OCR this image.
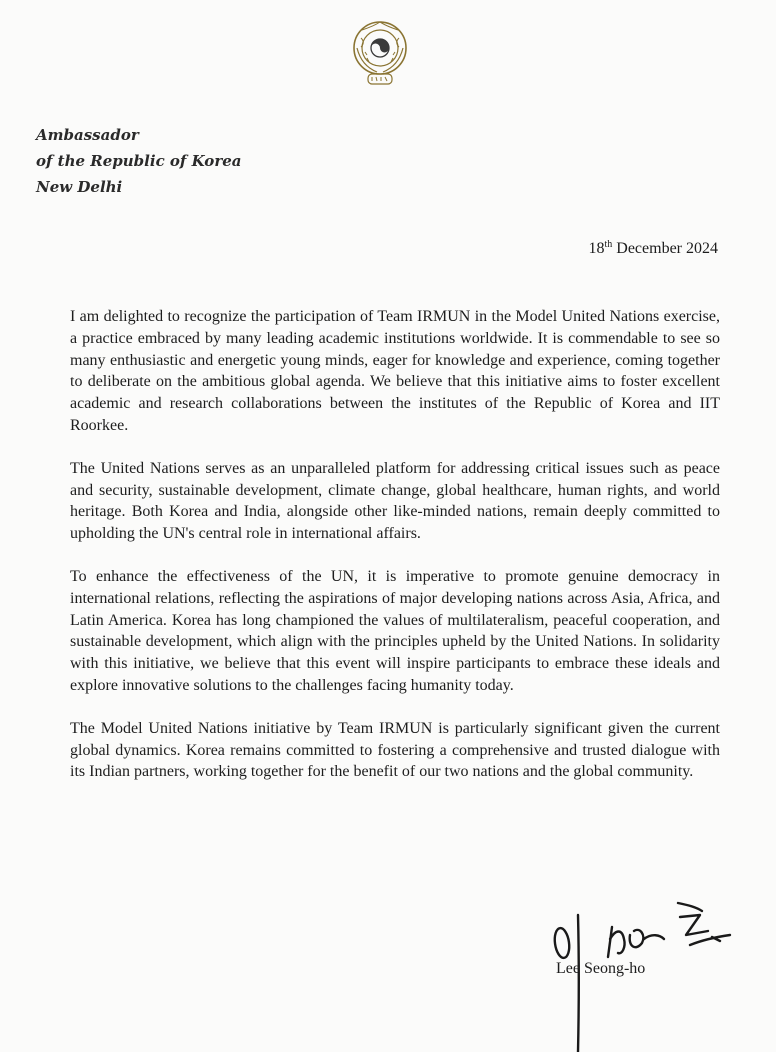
Ambassador
of the Republic of Korea
New Delhi
18th December 2024

I am delighted to recognize the participation of Team IRMUN in the Model United Nations exercise, a practice embraced by many leading academic institutions worldwide. It is commendable to see so many enthusiastic and energetic young minds, eager for knowledge and experience, coming together to deliberate on the ambitious global agenda. We believe that this initiative aims to foster excellent academic and research collaborations between the institutes of the Republic of Korea and IIT Roorkee.

The United Nations serves as an unparalleled platform for addressing critical issues such as peace and security, sustainable development, climate change, global healthcare, human rights, and world heritage. Both Korea and India, alongside other like-minded nations, remain deeply committed to upholding the UN's central role in international affairs.

To enhance the effectiveness of the UN, it is imperative to promote genuine democracy in international relations, reflecting the aspirations of major developing nations across Asia, Africa, and Latin America. Korea has long championed the values of multilateralism, peaceful cooperation, and sustainable development, which align with the principles upheld by the United Nations. In solidarity with this initiative, we believe that this event will inspire participants to embrace these ideals and explore innovative solutions to the challenges facing humanity today.

The Model United Nations initiative by Team IRMUN is particularly significant given the current global dynamics. Korea remains committed to fostering a comprehensive and trusted dialogue with its Indian partners, working together for the benefit of our two nations and the global community.

Lee Seong-ho
